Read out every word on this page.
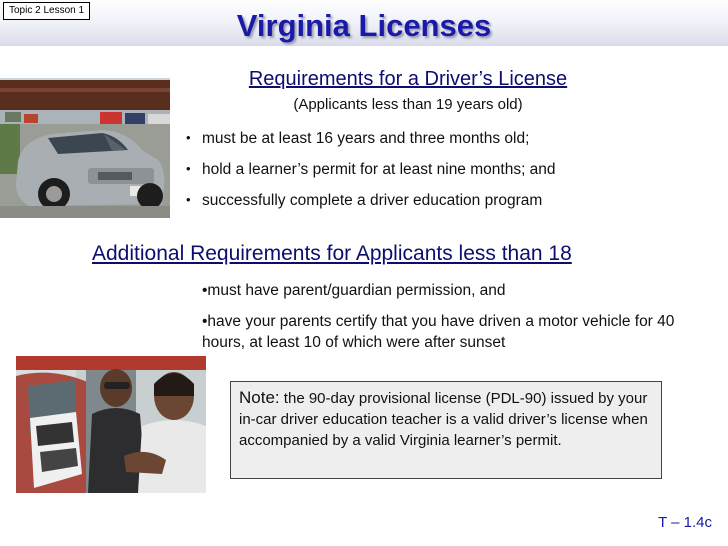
Topic 2 Lesson 1	Virginia Licenses
Requirements for a Driver’s License
(Applicants less than 19 years old)
• must be at least 16 years and three months old;
• hold a learner’s permit for at least nine months; and
• successfully complete a driver education program
Additional Requirements for Applicants less than 18
•must have parent/guardian permission, and
•have your parents certify that you have driven a motor vehicle for 40 hours, at least 10 of which were after sunset
Note: the 90-day provisional license (PDL-90) issued by your in-car driver education teacher is a valid driver’s license when accompanied by a valid Virginia learner’s permit.
T – 1.4c
